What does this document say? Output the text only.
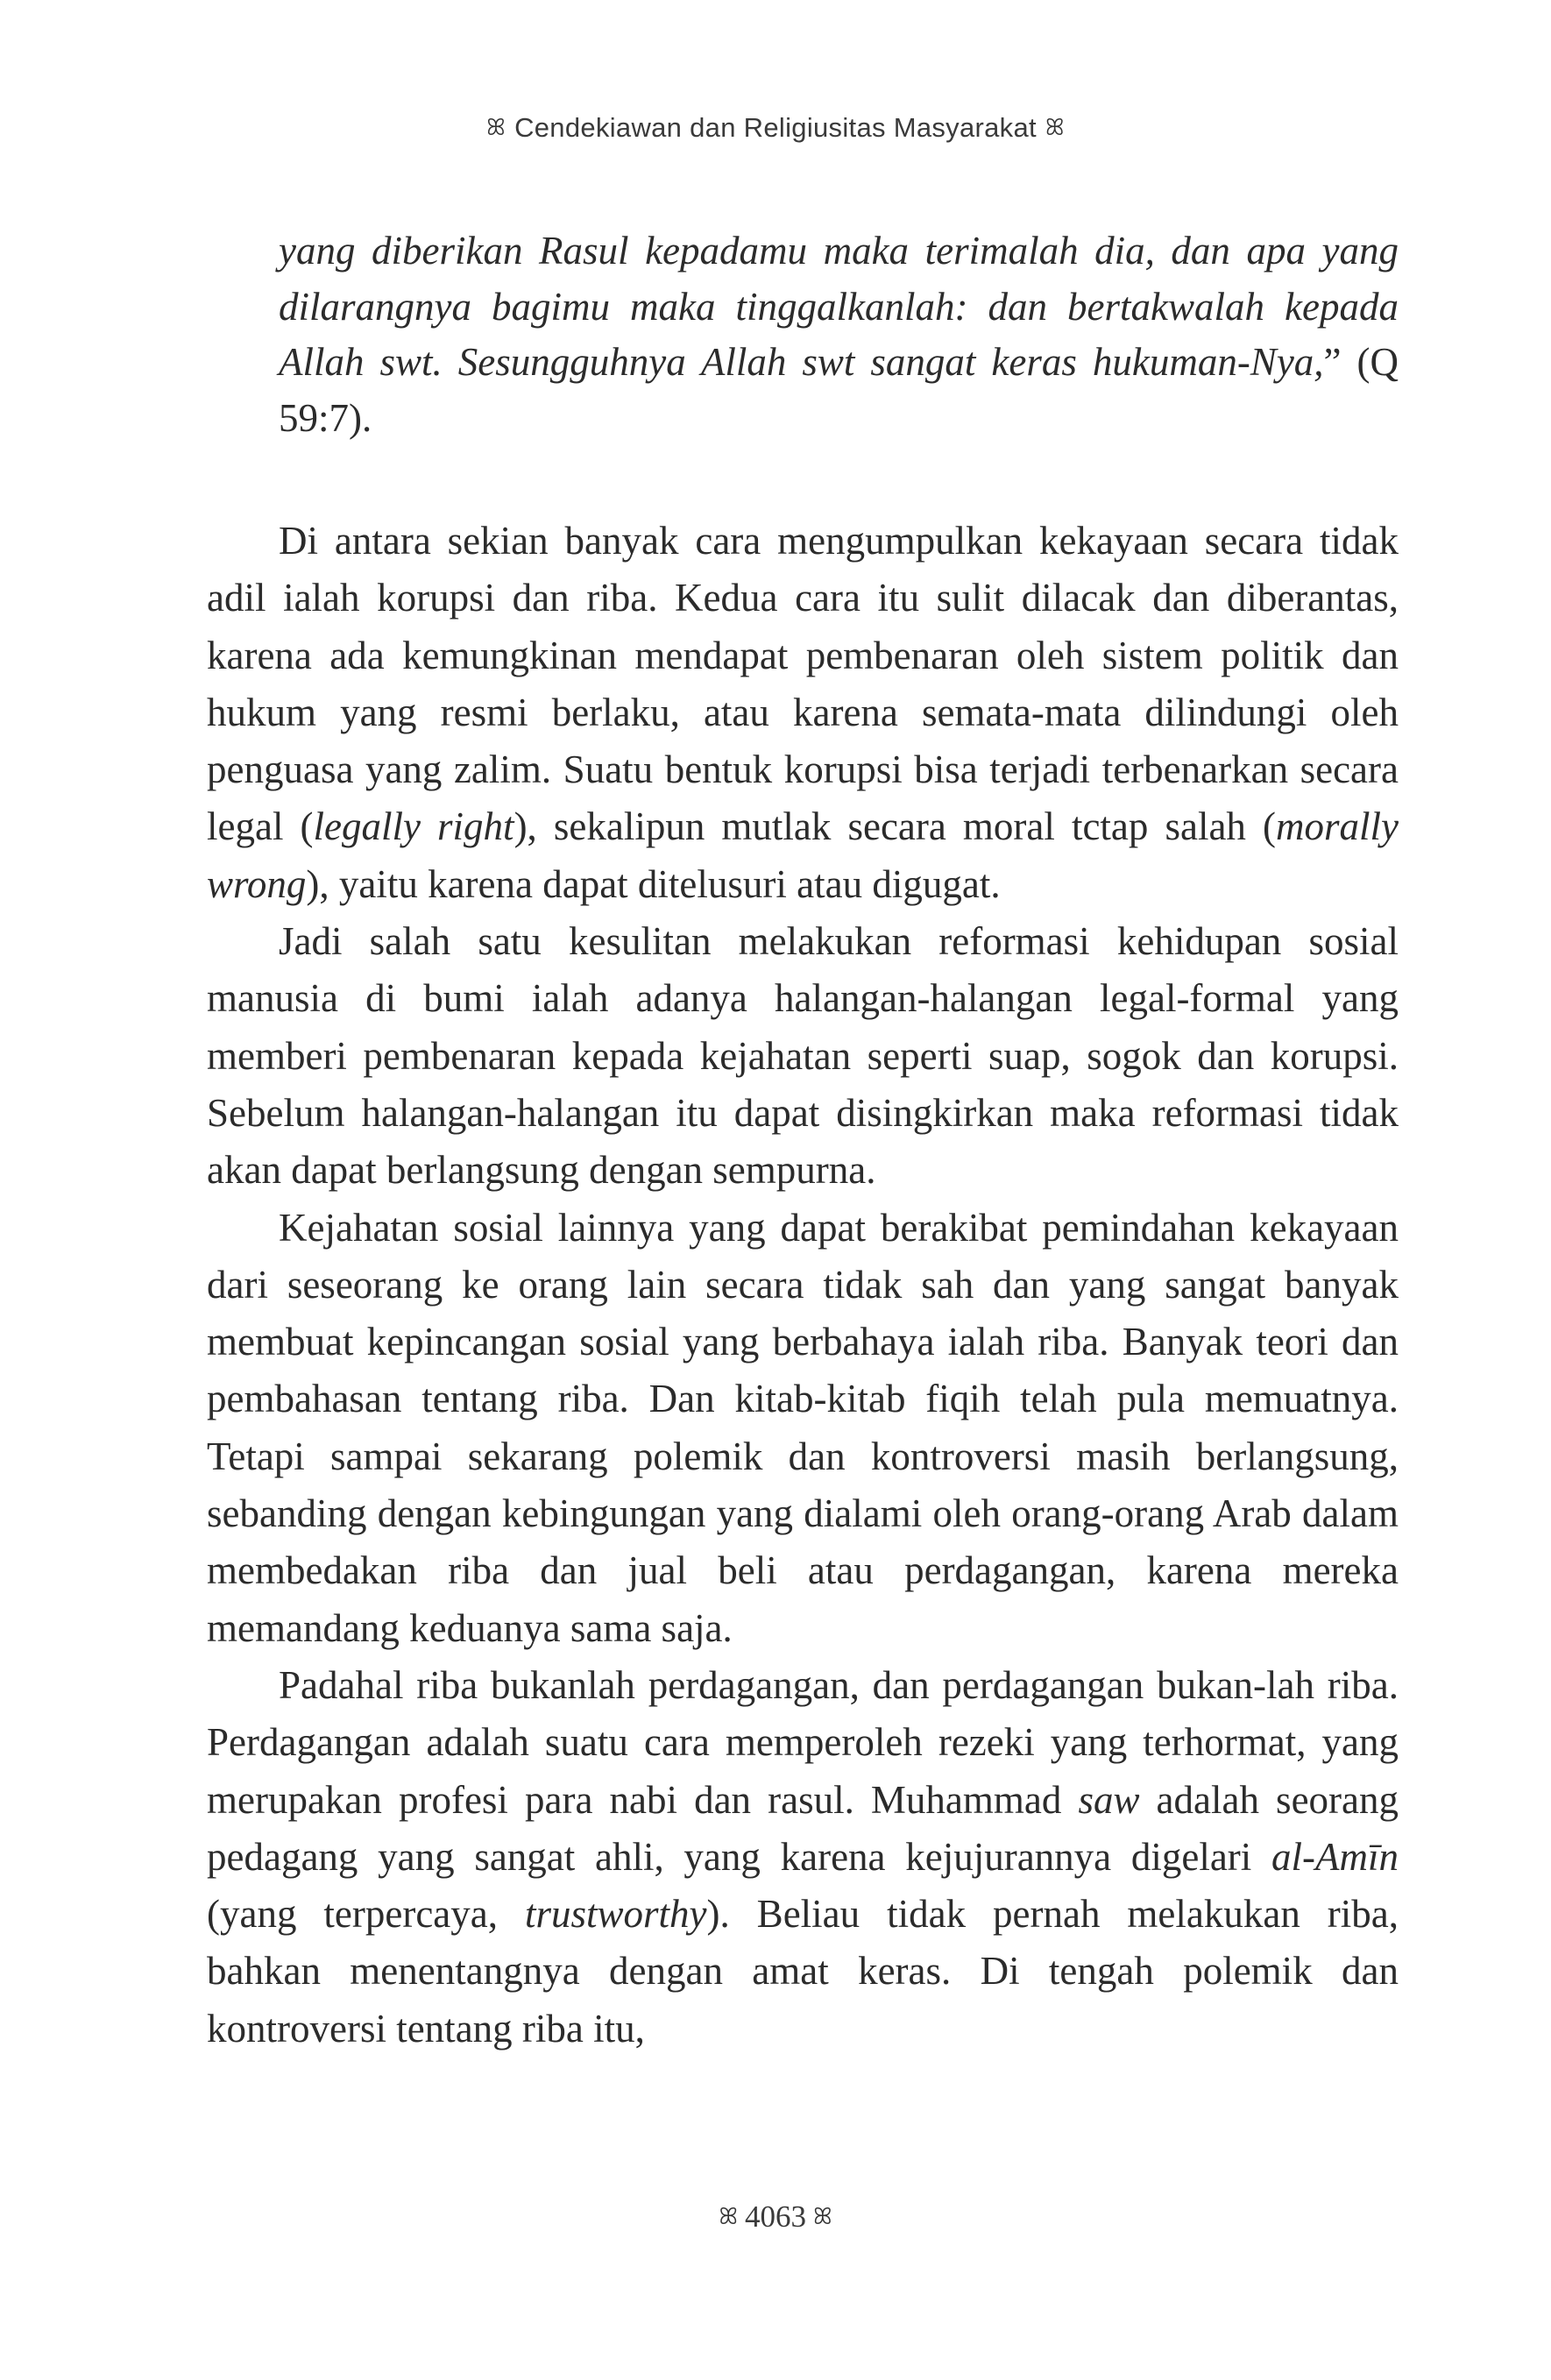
ꕤ Cendekiawan dan Religiusitas Masyarakat ꕤ

yang diberikan Rasul kepadamu maka terimalah dia, dan apa yang dilarangnya bagimu maka tinggalkanlah: dan bertakwalah kepada Allah swt. Sesungguhnya Allah swt sangat keras hukuman-Nya,” (Q 59:7).

Di antara sekian banyak cara mengumpulkan kekayaan secara tidak adil ialah korupsi dan riba. Kedua cara itu sulit dilacak dan diberantas, karena ada kemungkinan mendapat pembenaran oleh sistem politik dan hukum yang resmi berlaku, atau karena semata-mata dilindungi oleh penguasa yang zalim. Suatu bentuk korupsi bisa terjadi terbenarkan secara legal (legally right), sekalipun mutlak secara moral tctap salah (morally wrong), yaitu karena dapat ditelusuri atau digugat.

Jadi salah satu kesulitan melakukan reformasi kehidupan sosial manusia di bumi ialah adanya halangan-halangan legal-formal yang memberi pembenaran kepada kejahatan seperti suap, sogok dan korupsi. Sebelum halangan-halangan itu dapat disingkirkan maka reformasi tidak akan dapat berlangsung dengan sempurna.

Kejahatan sosial lainnya yang dapat berakibat pemindahan kekayaan dari seseorang ke orang lain secara tidak sah dan yang sangat banyak membuat kepincangan sosial yang berbahaya ialah riba. Banyak teori dan pembahasan tentang riba. Dan kitab-kitab fiqih telah pula memuatnya. Tetapi sampai sekarang polemik dan kontroversi masih berlangsung, sebanding dengan kebingungan yang dialami oleh orang-orang Arab dalam membedakan riba dan jual beli atau perdagangan, karena mereka memandang keduanya sama saja.

Padahal riba bukanlah perdagangan, dan perdagangan bukan-lah riba. Perdagangan adalah suatu cara memperoleh rezeki yang terhormat, yang merupakan profesi para nabi dan rasul. Muhammad saw adalah seorang pedagang yang sangat ahli, yang karena kejujurannya digelari al-Amīn (yang terpercaya, trustworthy). Beliau tidak pernah melakukan riba, bahkan menentangnya dengan amat keras. Di tengah polemik dan kontroversi tentang riba itu,

ꕤ 4063 ꕤ
